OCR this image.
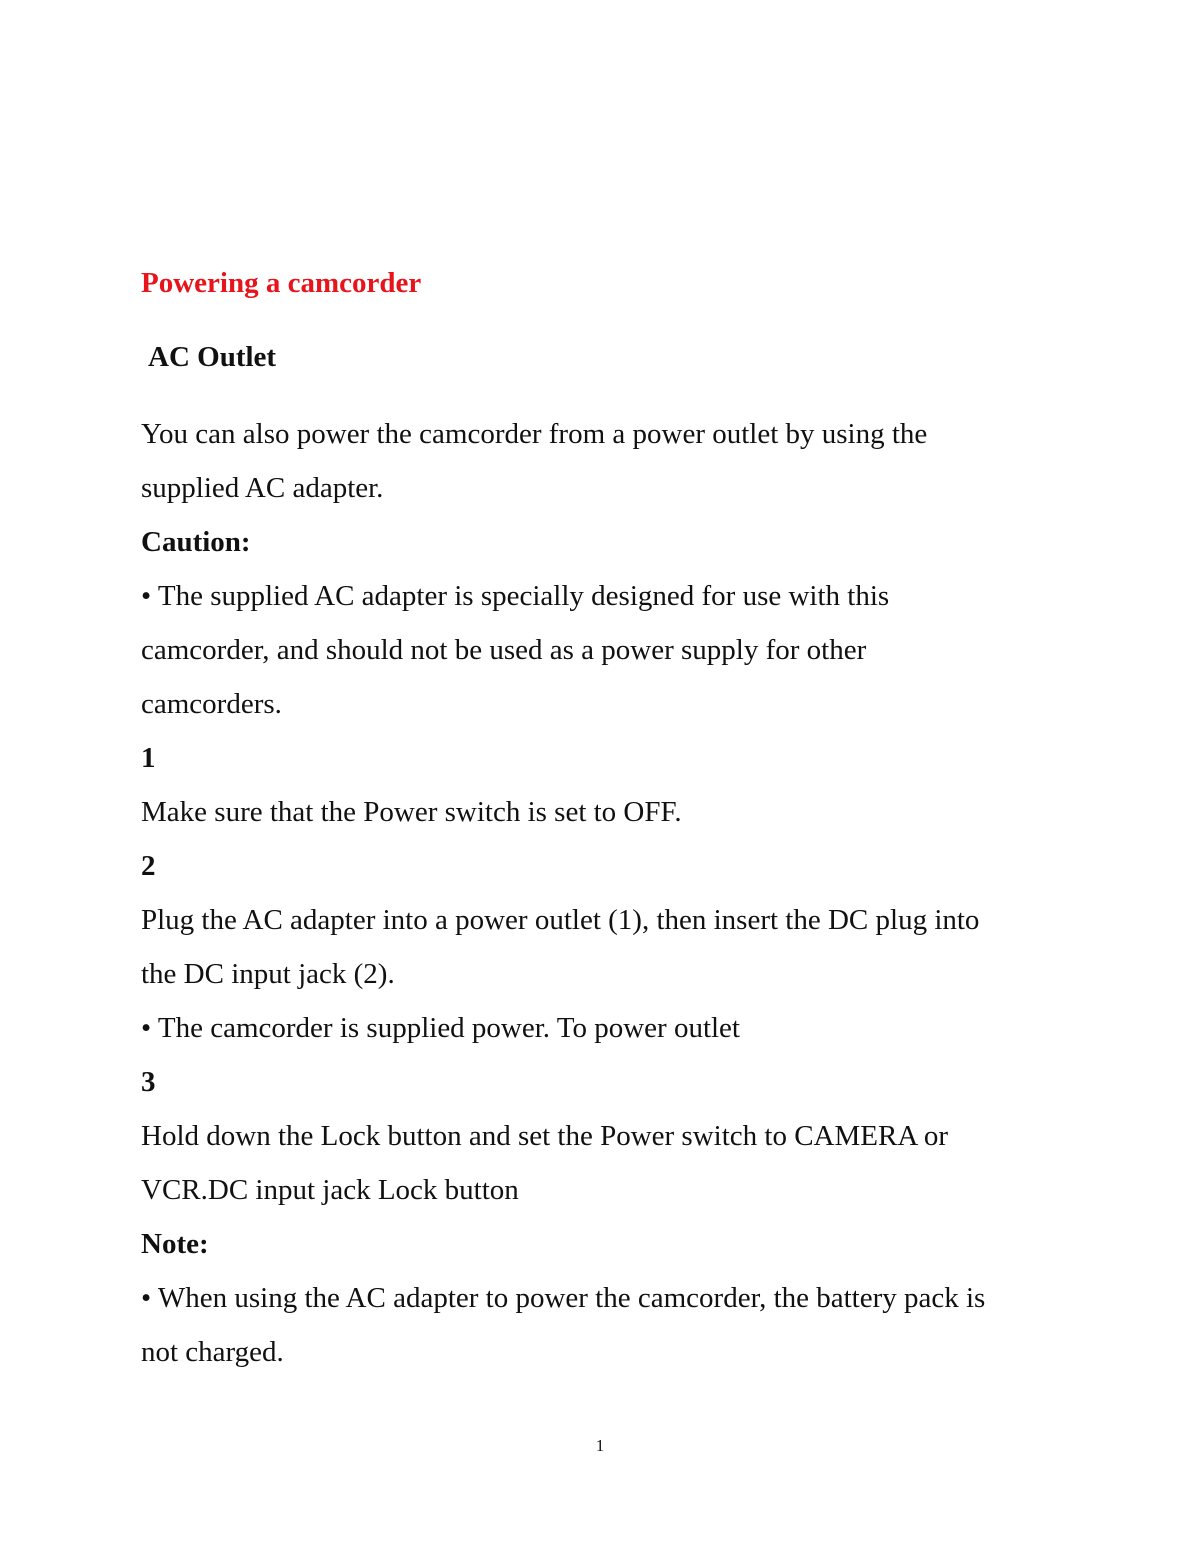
Powering a camcorder
AC Outlet
You can also power the camcorder from a power outlet by using the
supplied AC adapter.
Caution:
• The supplied AC adapter is specially designed for use with this
camcorder, and should not be used as a power supply for other
camcorders.
1
Make sure that the Power switch is set to OFF.
2
Plug the AC adapter into a power outlet (1), then insert the DC plug into
the DC input jack (2).
• The camcorder is supplied power. To power outlet
3
Hold down the Lock button and set the Power switch to CAMERA or
VCR.DC input jack Lock button
Note:
• When using the AC adapter to power the camcorder, the battery pack is
not charged.
1
